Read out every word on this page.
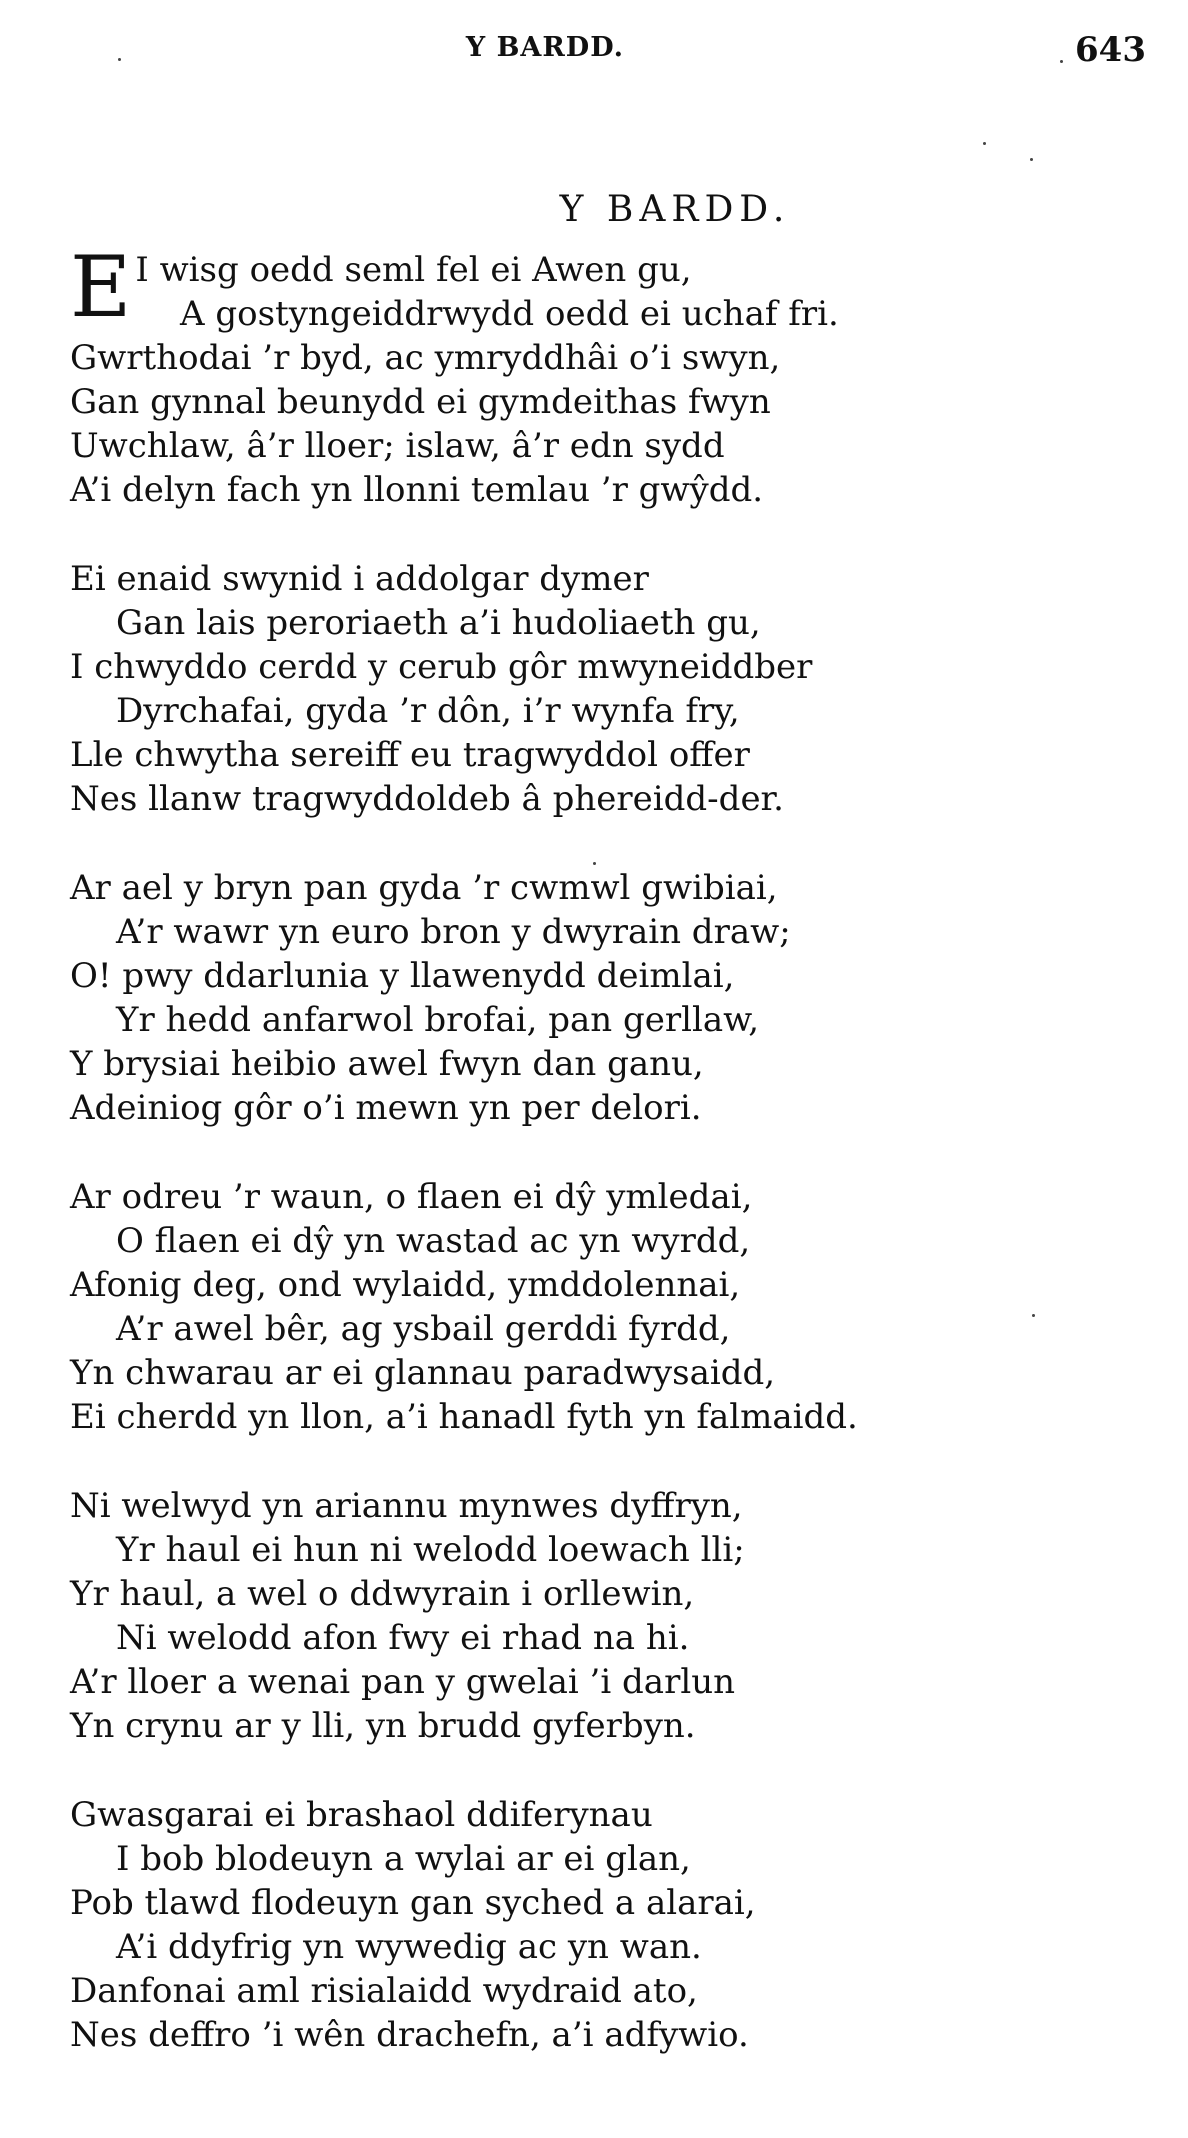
Y BARDD.	643
Y BARDD.
E I wisg oedd seml fel ei Awen gu,
A gostyngeiddrwydd oedd ei uchaf fri.
Gwrthodai ’r byd, ac ymryddhâi o’i swyn,
Gan gynnal beunydd ei gymdeithas fwyn
Uwchlaw, â’r lloer; islaw, â’r edn sydd
A’i delyn fach yn llonni temlau ’r gwŷdd.
Ei enaid swynid i addolgar dymer
Gan lais peroriaeth a’i hudoliaeth gu,
I chwyddo cerdd y cerub gôr mwyneiddber
Dyrchafai, gyda ’r dôn, i’r wynfa fry,
Lle chwytha sereiff eu tragwyddol offer
Nes llanw tragwyddoldeb â phereidd-der.
Ar ael y bryn pan gyda ’r cwmwl gwibiai,
A’r wawr yn euro bron y dwyrain draw;
O! pwy ddarlunia y llawenydd deimlai,
Yr hedd anfarwol brofai, pan gerllaw,
Y brysiai heibio awel fwyn dan ganu,
Adeiniog gôr o’i mewn yn per delori.
Ar odreu ’r waun, o flaen ei dŷ ymledai,
O flaen ei dŷ yn wastad ac yn wyrdd,
Afonig deg, ond wylaidd, ymddolennai,
A’r awel bêr, ag ysbail gerddi fyrdd,
Yn chwarau ar ei glannau paradwysaidd,
Ei cherdd yn llon, a’i hanadl fyth yn falmaidd.
Ni welwyd yn ariannu mynwes dyffryn,
Yr haul ei hun ni welodd loewach lli;
Yr haul, a wel o ddwyrain i orllewin,
Ni welodd afon fwy ei rhad na hi.
A’r lloer a wenai pan y gwelai ’i darlun
Yn crynu ar y lli, yn brudd gyferbyn.
Gwasgarai ei brashaol ddiferynau
I bob blodeuyn a wylai ar ei glan,
Pob tlawd flodeuyn gan syched a alarai,
A’i ddyfrig yn wywedig ac yn wan.
Danfonai aml risialaidd wydraid ato,
Nes deffro ’i wên drachefn, a’i adfywio.
